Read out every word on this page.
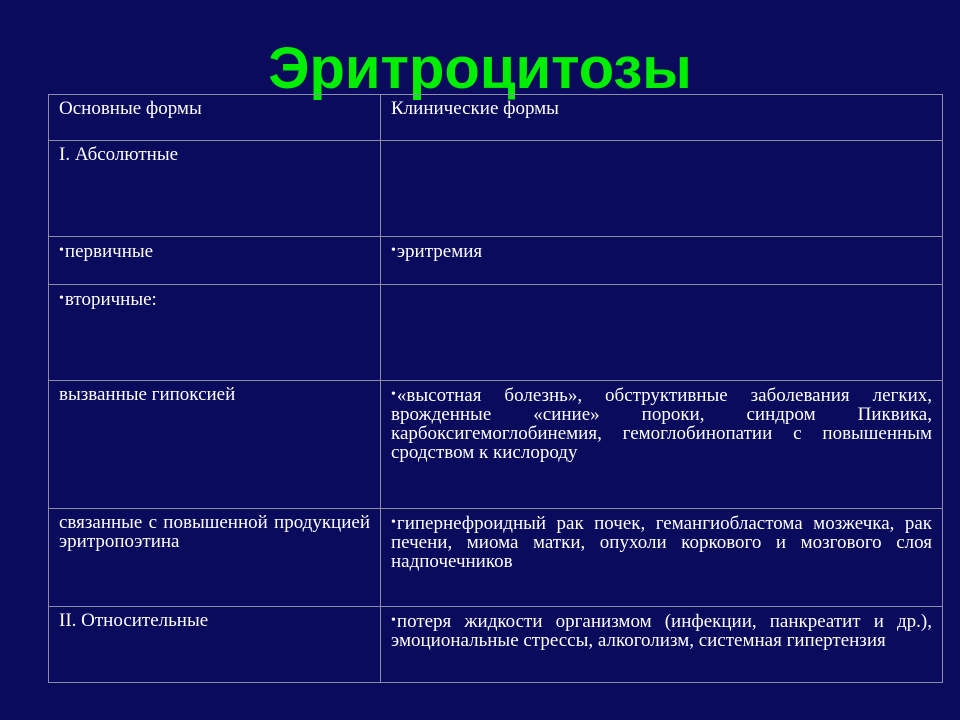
Эритроцитозы
Основные формы	Клинические формы
I. Абсолютные	
•первичные	•эритремия
•вторичные:	
вызванные гипоксией	•«высотная болезнь», обструктивные заболевания легких, врожденные «синие» пороки, синдром Пиквика, карбоксигемоглобинемия, гемоглобинопатии с повышенным сродством к кислороду
связанные с повышенной продукцией эритропоэтина	•гипернефроидный рак почек, гемангиобластома мозжечка, рак печени, миома матки, опухоли коркового и мозгового слоя надпочечников
II. Относительные	•потеря жидкости организмом (инфекции, панкреатит и др.), эмоциональные стрессы, алкоголизм, системная гипертензия
